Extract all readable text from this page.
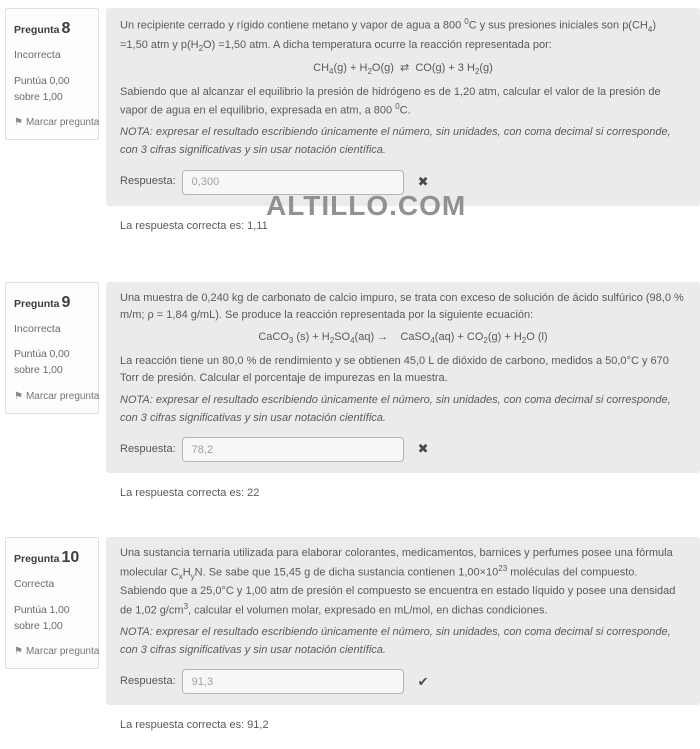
Pregunta 8
Incorrecta
Puntúa 0,00 sobre 1,00
⚑ Marcar pregunta

Un recipiente cerrado y rígido contiene metano y vapor de agua a 800 $^0$C y sus presiones iniciales son $p(CH_4) =1,50$ atm y $p(H_2O) =1,50$ atm. A dicha temperatura ocurre la reacción representada por:

$CH_4(g) + H_2O(g)$  ⇄  CO(g) + 3 $H_2(g)$

Sabiendo que al alcanzar el equilibrio la presión de hidrógeno es de 1,20 atm, calcular el valor de la presión de vapor de agua en el equilibrio, expresada en atm, a 800 $^0$C.

NOTA: expresar el resultado escribiendo únicamente el número, sin unidades, con coma decimal si corresponde, con 3 cifras significativas y sin usar notación científica.

Respuesta:
0,300	✖
La respuesta correcta es: 1,11
Pregunta 9
Incorrecta
Puntúa 0,00 sobre 1,00
⚑ Marcar pregunta

Una muestra de 0,240 kg de carbonato de calcio impuro, se trata con exceso de solución de ácido sulfúrico (98,0 % m/m; ρ = 1,84 g/mL). Se produce la reacción representada por la siguiente ecuación:

CaCO$_3$ $(s) + H_2SO_4(aq)$ →    CaSO$_4$(aq) + $CO_2(g) + H_2O$ (l)

La reacción tiene un 80,0 % de rendimiento y se obtienen 45,0 L de dióxido de carbono, medidos a 50,0°C y 670 Torr de presión. Calcular el porcentaje de impurezas en la muestra.

NOTA: expresar el resultado escribiendo únicamente el número, sin unidades, con coma decimal si corresponde, con 3 cifras significativas y sin usar notación científica.

Respuesta:
78,2	✖
La respuesta correcta es: 22
Pregunta 10
Correcta
Puntúa 1,00 sobre 1,00
⚑ Marcar pregunta

Una sustancia ternaria utilizada para elaborar colorantes, medicamentos, barnices y perfumes posee una fórmula molecular $C_xH_yN$. Se sabe que 15,45 g de dicha sustancia contienen $1,00\times 10^{23}$ moléculas del compuesto. Sabiendo que a 25,0°C y 1,00 atm de presión el compuesto se encuentra en estado líquido y posee una densidad de 1,02 $g/cm^3$, calcular el volumen molar, expresado en mL/mol, en dichas condiciones.

NOTA: expresar el resultado escribiendo únicamente el número, sin unidades, con coma decimal si corresponde, con 3 cifras significativas y sin usar notación científica.

Respuesta:
91,3	✔
La respuesta correcta es: 91,2
ALTILLO.COM
